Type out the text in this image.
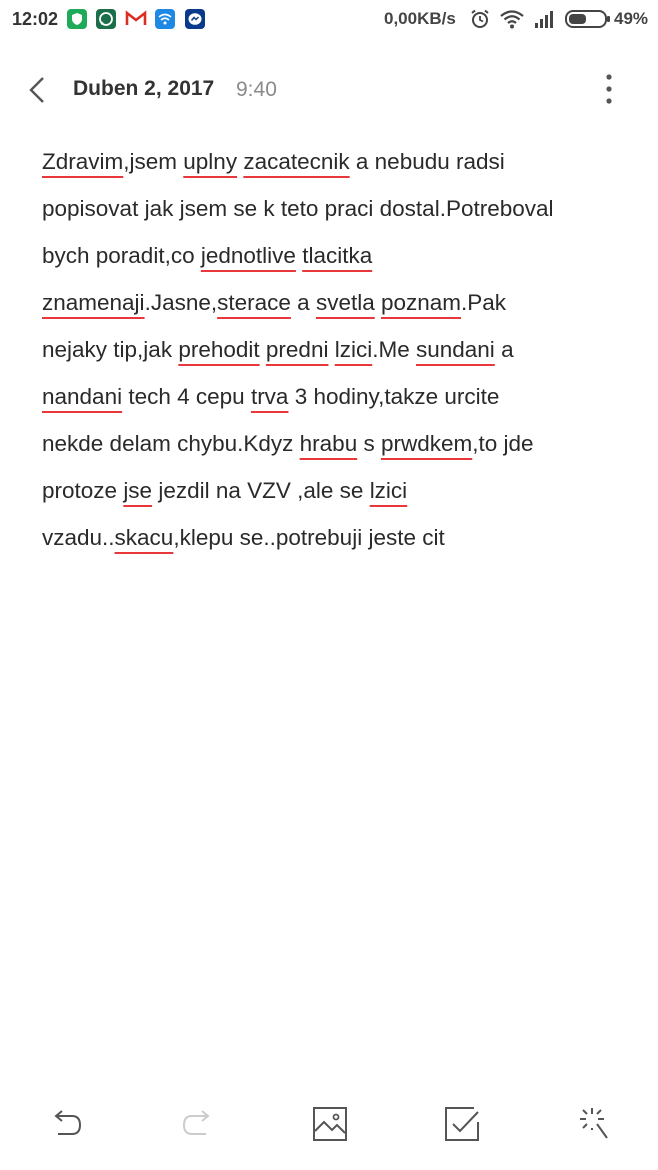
12:02	0,00KB/s	49%
Duben 2, 2017 9:40
Zdravim,jsem uplny zacatecnik a nebudu radsi
popisovat jak jsem se k teto praci dostal.Potreboval
bych poradit,co jednotlive tlacitka
znamenaji.Jasne,sterace a svetla poznam.Pak
nejaky tip,jak prehodit predni lzici.Me sundani a
nandani tech 4 cepu trva 3 hodiny,takze urcite
nekde delam chybu.Kdyz hrabu s prwdkem,to jde
protoze jse jezdil na VZV ,ale se lzici
vzadu..skacu,klepu se..potrebuji jeste cit
